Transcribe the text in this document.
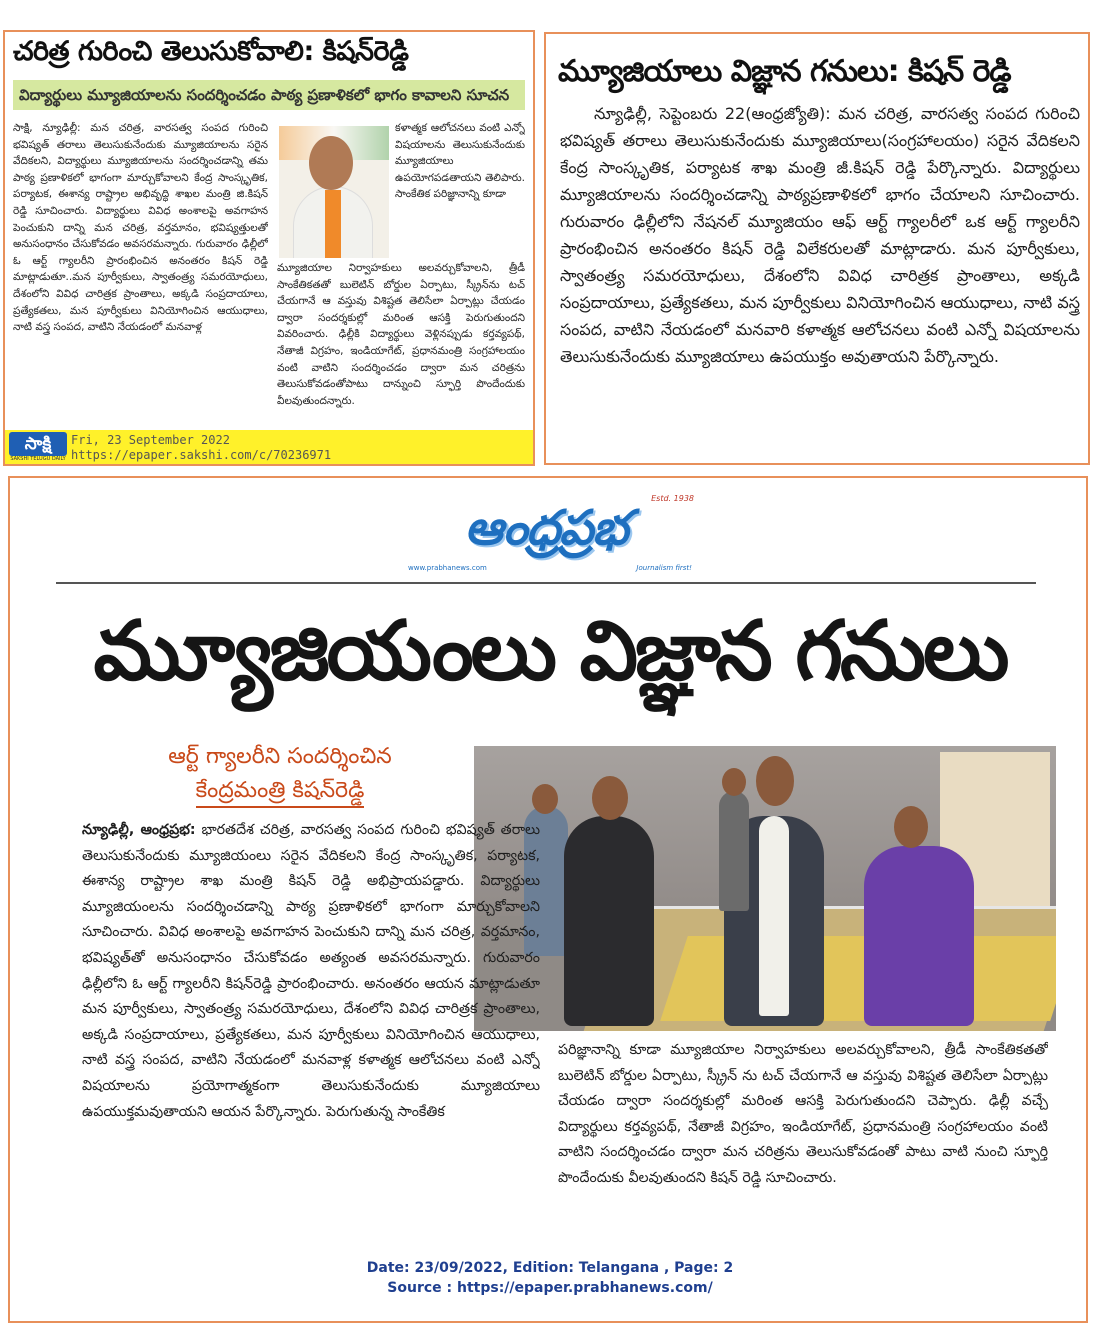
చరిత్ర గురించి తెలుసుకోవాలి: కిషన్‌రెడ్డి
విద్యార్థులు మ్యూజియాలను సందర్శించడం పాఠ్య ప్రణాళికలో భాగం కావాలని సూచన
సాక్షి, న్యూఢిల్లీ: మన చరిత్ర, వారసత్వ సంపద గురించి భవిష్యత్ తరాలు తెలుసుకునేందుకు మ్యూజియాలను సరైన వేదికలని, విద్యార్థులు మ్యూజియాలను సందర్శించడాన్ని తమ పాఠ్య ప్రణాళికలో భాగంగా మార్చుకోవాలని కేంద్ర సాంస్కృతిక, పర్యాటక, ఈశాన్య రాష్ట్రాల అభివృద్ధి శాఖల మంత్రి జి.కిషన్ రెడ్డి సూచించారు. విద్యార్థులు వివిధ అంశాలపై అవగాహన పెంచుకుని దాన్ని మన చరిత్ర, వర్తమానం, భవిష్యత్తులతో అనుసంధానం చేసుకోవడం అవసరమన్నారు. గురువారం ఢిల్లీలో ఓ ఆర్ట్ గ్యాలరీని ప్రారంభించిన అనంతరం కిషన్ రెడ్డి మాట్లాడుతూ..మన పూర్వీకులు, స్వాతంత్ర్య సమరయోధులు, దేశంలోని వివిధ చారిత్రక ప్రాంతాలు, అక్కడి సంప్రదాయాలు, ప్రత్యేకతలు, మన పూర్వీకులు వినియోగించిన ఆయుధాలు, నాటి వస్త్ర సంపద, వాటిని నేయడంలో మనవాళ్ల
కళాత్మక ఆలోచనలు వంటి ఎన్నో విషయాలను తెలుసుకునేందుకు మ్యూజియాలు ఉపయోగపడతాయని తెలిపారు. సాంకేతిక పరిజ్ఞానాన్ని కూడా
మ్యూజియాల నిర్వాహకులు అలవర్చుకోవాలని, త్రీడీ సాంకేతికతతో బులెటిన్ బోర్డుల ఏర్పాటు, స్క్రీన్‌ను టచ్ చేయగానే ఆ వస్తువు విశిష్టత తెలిసేలా ఏర్పాట్లు చేయడం ద్వారా సందర్శకుల్లో మరింత ఆసక్తి పెరుగుతుందని వివరించారు. ఢిల్లీకి విద్యార్థులు వెళ్లినప్పుడు కర్తవ్యపథ్, నేతాజీ విగ్రహం, ఇండియాగేట్, ప్రధానమంత్రి సంగ్రహాలయం వంటి వాటిని సందర్శించడం ద్వారా మన చరిత్రను తెలుసుకోవడంతోపాటు దాన్నుంచి స్ఫూర్తి పొందేందుకు వీలవుతుందన్నారు.
సాక్షి
SAKSHI TELUGU DAILY
Fri, 23 September 2022
https://epaper.sakshi.com/c/70236971
మ్యూజియాలు విజ్ఞాన గనులు: కిషన్ రెడ్డి
న్యూఢిల్లీ, సెప్టెంబరు 22(ఆంధ్రజ్యోతి): మన చరిత్ర, వారసత్వ సంపద గురించి భవిష్యత్ తరాలు తెలుసుకునేందుకు మ్యూజియాలు(సంగ్రహాలయం) సరైన వేదికలని కేంద్ర సాంస్కృతిక, పర్యాటక శాఖ మంత్రి జీ.కిషన్ రెడ్డి పేర్కొన్నారు. విద్యార్థులు మ్యూజియాలను సందర్శించడాన్ని పాఠ్యప్రణాళికలో భాగం చేయాలని సూచించారు. గురువారం ఢిల్లీలోని నేషనల్ మ్యూజియం ఆఫ్ ఆర్ట్ గ్యాలరీలో ఒక ఆర్ట్ గ్యాలరీని ప్రారంభించిన అనంతరం కిషన్ రెడ్డి విలేకరులతో మాట్లాడారు. మన పూర్వీకులు, స్వాతంత్ర్య సమరయోధులు, దేశంలోని వివిధ చారిత్రక ప్రాంతాలు, అక్కడి సంప్రదాయాలు, ప్రత్యేకతలు, మన పూర్వీకులు వినియోగించిన ఆయుధాలు, నాటి వస్త్ర సంపద, వాటిని నేయడంలో మనవారి కళాత్మక ఆలోచనలు వంటి ఎన్నో విషయాలను తెలుసుకునేందుకు మ్యూజియాలు ఉపయుక్తం అవుతాయని పేర్కొన్నారు.
Estd. 1938
ఆంధ్రప్రభ
www.prabhanews.com	Journalism first!
మ్యూజియంలు విజ్ఞాన గనులు
ఆర్ట్ గ్యాలరీని సందర్శించిన
కేంద్రమంత్రి కిషన్‌రెడ్డి
న్యూఢిల్లీ, ఆంధ్రప్రభ: భారతదేశ చరిత్ర, వారసత్వ సంపద గురించి భవిష్యత్ తరాలు తెలుసుకునేందుకు మ్యూజియంలు సరైన వేదికలని కేంద్ర సాంస్కృతిక, పర్యాటక, ఈశాన్య రాష్ట్రాల శాఖ మంత్రి కిషన్ రెడ్డి అభిప్రాయపడ్డారు. విద్యార్థులు మ్యూజియంలను సందర్శించడాన్ని పాఠ్య ప్రణాళికలో భాగంగా మార్చుకోవాలని సూచించారు. వివిధ అంశాలపై అవగాహన పెంచుకుని దాన్ని మన చరిత్ర, వర్తమానం, భవిష్యత్‌తో అనుసంధానం చేసుకోవడం అత్యంత అవసరమన్నారు. గురువారం ఢిల్లీలోని ఓ ఆర్ట్ గ్యాలరీని కిషన్‌రెడ్డి ప్రారంభించారు. అనంతరం ఆయన మాట్లాడుతూ మన పూర్వీకులు, స్వాతంత్ర్య సమరయోధులు, దేశంలోని వివిధ చారిత్రక ప్రాంతాలు, అక్కడి సంప్రదాయాలు, ప్రత్యేకతలు, మన పూర్వీకులు వినియోగించిన ఆయుధాలు, నాటి వస్త్ర సంపద, వాటిని నేయడంలో మనవాళ్ల కళాత్మక ఆలోచనలు వంటి ఎన్నో విషయాలను ప్రయోగాత్మకంగా తెలుసుకునేందుకు మ్యూజియాలు ఉపయుక్తమవుతాయని ఆయన పేర్కొన్నారు. పెరుగుతున్న సాంకేతిక
పరిజ్ఞానాన్ని కూడా మ్యూజియాల నిర్వాహకులు అలవర్చుకోవాలని, త్రీడీ సాంకేతికతతో బులెటిన్ బోర్డుల ఏర్పాటు, స్క్రీన్ ను టచ్ చేయగానే ఆ వస్తువు విశిష్టత తెలిసేలా ఏర్పాట్లు చేయడం ద్వారా సందర్శకుల్లో మరింత ఆసక్తి పెరుగుతుందని చెప్పారు. ఢిల్లీ వచ్చే విద్యార్థులు కర్తవ్యపథ్, నేతాజీ విగ్రహం, ఇండియాగేట్, ప్రధానమంత్రి సంగ్రహాలయం వంటి వాటిని సందర్శించడం ద్వారా మన చరిత్రను తెలుసుకోవడంతో పాటు వాటి నుంచి స్ఫూర్తి పొందేందుకు వీలవుతుందని కిషన్ రెడ్డి సూచించారు.
Date: 23/09/2022, Edition: Telangana , Page: 2
Source : https://epaper.prabhanews.com/
